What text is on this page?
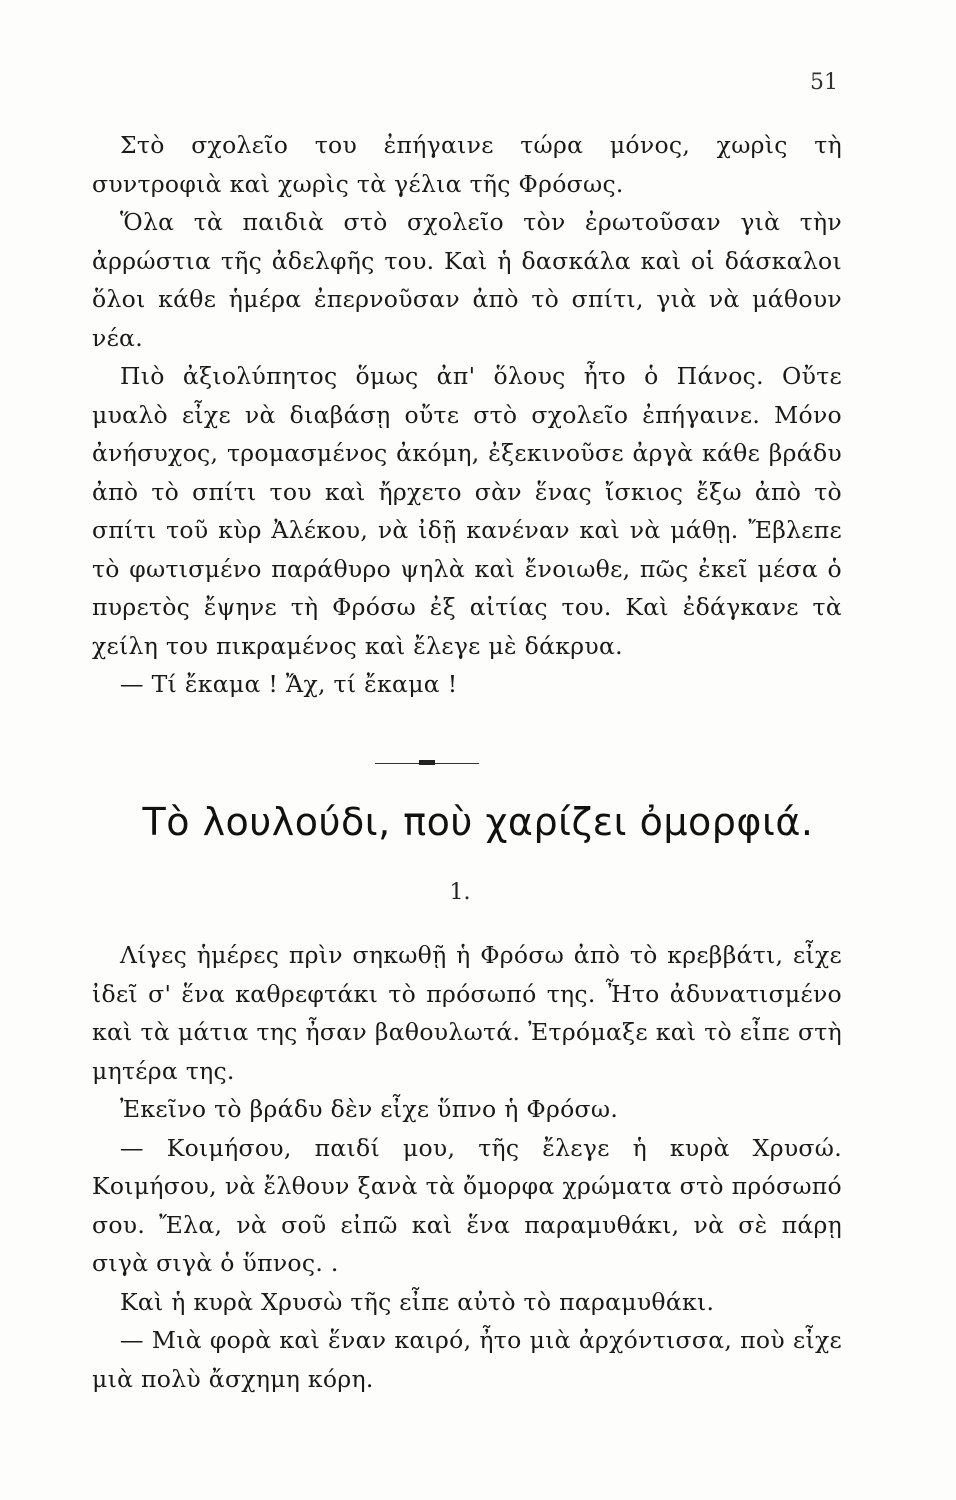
51

Στὸ σχολεῖο του ἐπήγαινε τώρα μόνος, χωρὶς τὴ συντροφιὰ καὶ χωρὶς τὰ γέλια τῆς Φρόσως.

Ὅλα τὰ παιδιὰ στὸ σχολεῖο τὸν ἐρωτοῦσαν γιὰ τὴν ἀρρώστια τῆς ἀδελφῆς του. Καὶ ἡ δασκάλα καὶ οἱ δάσκαλοι ὅλοι κάθε ἡμέρα ἐπερνοῦσαν ἀπὸ τὸ σπίτι, γιὰ νὰ μάθουν νέα.

Πιὸ ἀξιολύπητος ὅμως ἀπ' ὅλους ἦτο ὁ Πάνος. Οὔτε μυαλὸ εἶχε νὰ διαβάσῃ οὔτε στὸ σχολεῖο ἐπήγαινε. Μόνο ἀνήσυχος, τρομασμένος ἀκόμη, ἐξεκινοῦσε ἀργὰ κάθε βράδυ ἀπὸ τὸ σπίτι του καὶ ἤρχετο σὰν ἕνας ἴσκιος ἔξω ἀπὸ τὸ σπίτι τοῦ κὺρ Ἀλέκου, νὰ ἰδῇ κανέναν καὶ νὰ μάθῃ. Ἔβλεπε τὸ φωτισμένο παράθυρο ψηλὰ καὶ ἔνοιωθε, πῶς ἐκεῖ μέσα ὁ πυρετὸς ἔψηνε τὴ Φρόσω ἐξ αἰτίας του. Καὶ ἐδάγκανε τὰ χείλη του πικραμένος καὶ ἔλεγε μὲ δάκρυα.

— Τί ἔκαμα ! Ἄχ, τί ἔκαμα !

Τὸ λουλούδι, ποὺ χαρίζει ὀμορφιά.
1.

Λίγες ἡμέρες πρὶν σηκωθῇ ἡ Φρόσω ἀπὸ τὸ κρεββάτι, εἶχε ἰδεῖ σ' ἕνα καθρεφτάκι τὸ πρόσωπό της. Ἦτο ἀδυνατισμένο καὶ τὰ μάτια της ἦσαν βαθουλωτά. Ἐτρόμαξε καὶ τὸ εἶπε στὴ μητέρα της.

Ἐκεῖνο τὸ βράδυ δὲν εἶχε ὕπνο ἡ Φρόσω.

— Κοιμήσου, παιδί μου, τῆς ἔλεγε ἡ κυρὰ Χρυσώ. Κοιμήσου, νὰ ἔλθουν ξανὰ τὰ ὄμορφα χρώματα στὸ πρόσωπό σου. Ἔλα, νὰ σοῦ εἰπῶ καὶ ἕνα παραμυθάκι, νὰ σὲ πάρῃ σιγὰ σιγὰ ὁ ὕπνος. .

Καὶ ἡ κυρὰ Χρυσὼ τῆς εἶπε αὐτὸ τὸ παραμυθάκι.

— Μιὰ φορὰ καὶ ἕναν καιρό, ἦτο μιὰ ἀρχόντισσα, ποὺ εἶχε μιὰ πολὺ ἄσχημη κόρη.
